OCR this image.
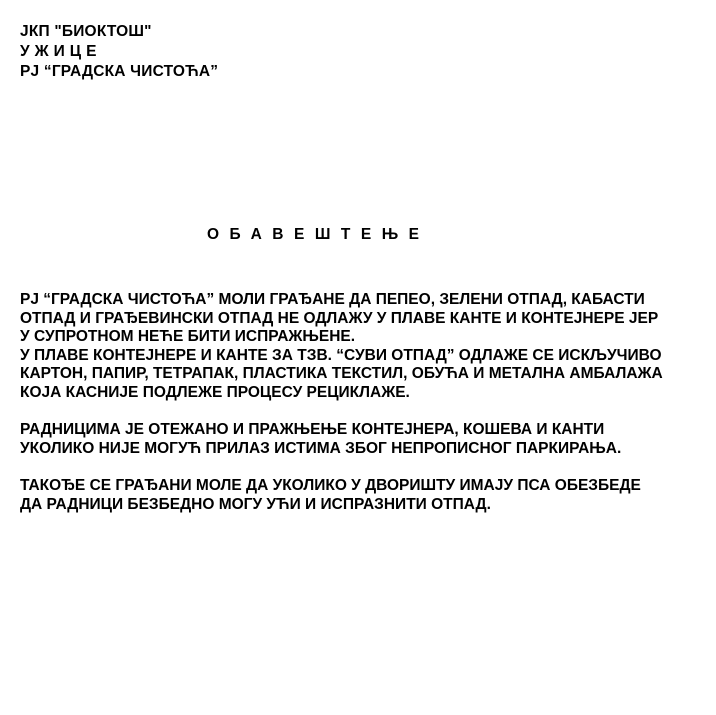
ЈКП "БИОКТОШ"
УЖИЦЕ
РЈ “ГРАДСКА ЧИСТОЋА”
ОБАВЕШТЕЊЕ

РЈ “ГРАДСКА ЧИСТОЋА” МОЛИ ГРАЂАНЕ ДА ПЕПЕО, ЗЕЛЕНИ ОТПАД, КАБАСТИ
ОТПАД И ГРАЂЕВИНСКИ ОТПАД НЕ ОДЛАЖУ У ПЛАВЕ КАНТЕ И КОНТЕЈНЕРЕ ЈЕР
У СУПРОТНОМ НЕЋЕ БИТИ ИСПРАЖЊЕНЕ.

У ПЛАВЕ КОНТЕЈНЕРЕ И КАНТЕ ЗА ТЗВ. “СУВИ ОТПАД” ОДЛАЖЕ СЕ ИСКЉУЧИВО
КАРТОН, ПАПИР, ТЕТРАПАК, ПЛАСТИКА ТЕКСТИЛ, ОБУЋА И МЕТАЛНА АМБАЛАЖА
КОЈА КАСНИЈЕ ПОДЛЕЖЕ ПРОЦЕСУ РЕЦИКЛАЖЕ.

РАДНИЦИМА ЈЕ ОТЕЖАНО И ПРАЖЊЕЊЕ КОНТЕЈНЕРА, КОШЕВА И КАНТИ
УКОЛИКО НИЈЕ МОГУЋ ПРИЛАЗ ИСТИМА ЗБОГ НЕПРОПИСНОГ ПАРКИРАЊА.

ТАКОЂЕ СЕ ГРАЂАНИ МОЛЕ ДА УКОЛИКО У ДВОРИШТУ ИМАЈУ ПСА ОБЕЗБЕДЕ
ДА РАДНИЦИ БЕЗБЕДНО МОГУ УЋИ И ИСПРАЗНИТИ ОТПАД.
